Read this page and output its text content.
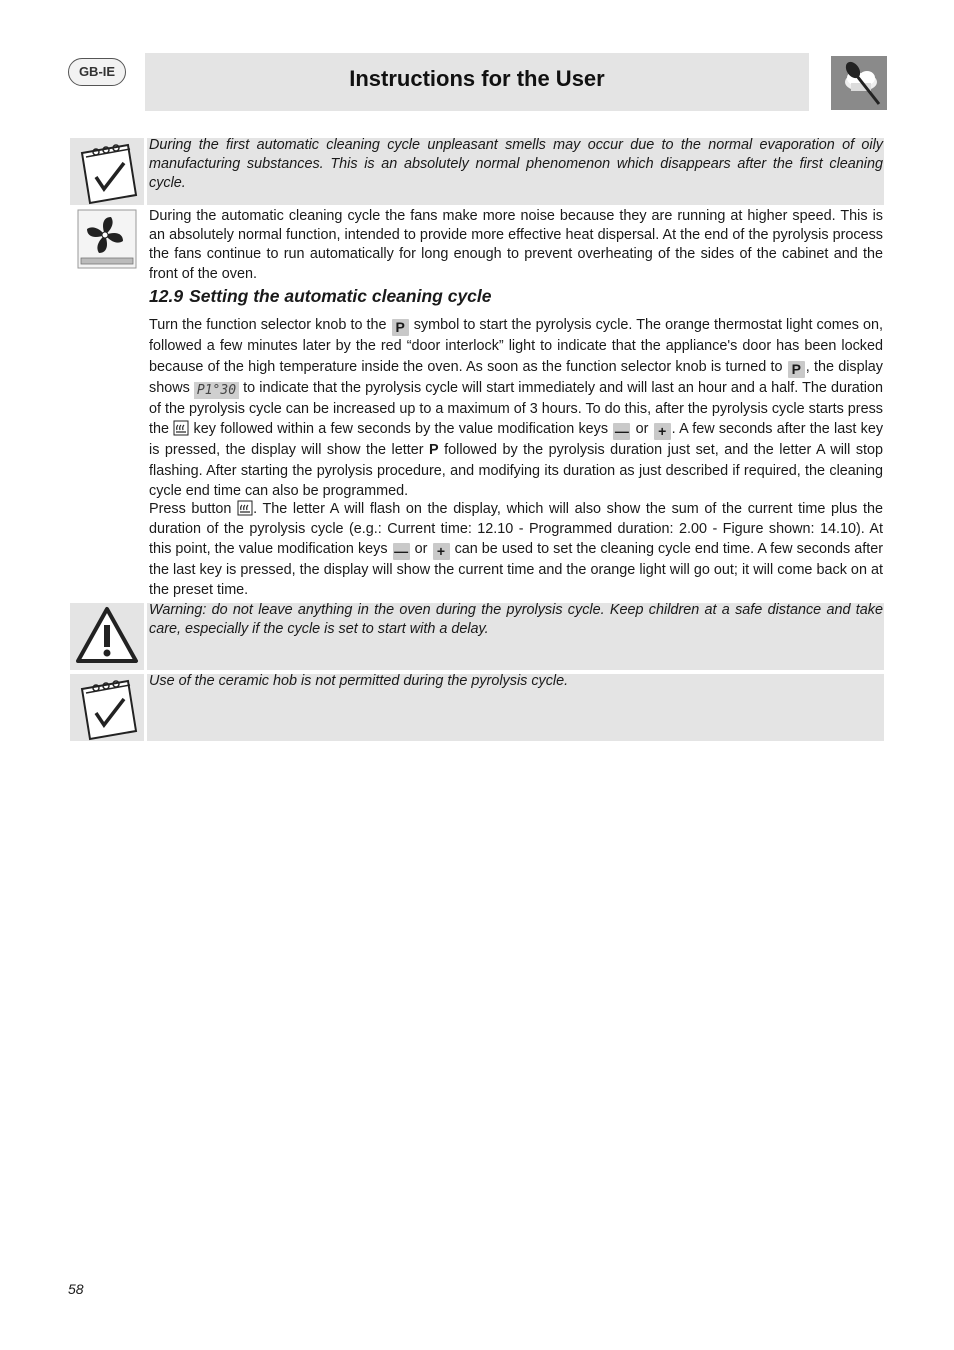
GB-IE	Instructions for the User

During the first automatic cleaning cycle unpleasant smells may occur due to the normal evaporation of oily manufacturing substances. This is an absolutely normal phenomenon which disappears after the first cleaning cycle.

During the automatic cleaning cycle the fans make more noise because they are running at higher speed. This is an absolutely normal function, intended to provide more effective heat dispersal. At the end of the pyrolysis process the fans continue to run automatically for long enough to prevent overheating of the sides of the cabinet and the front of the oven.

12.9 Setting the automatic cleaning cycle

Turn the function selector knob to the P symbol to start the pyrolysis cycle. The orange thermostat light comes on, followed a few minutes later by the red “door interlock” light to indicate that the appliance's door has been locked because of the high temperature inside the oven. As soon as the function selector knob is turned to P , the display shows P1°30 to indicate that the pyrolysis cycle will start immediately and will last an hour and a half. The duration of the pyrolysis cycle can be increased up to a maximum of 3 hours. To do this, after the pyrolysis cycle starts press the key followed within a few seconds by the value modification keys — or + . A few seconds after the last key is pressed, the display will show the letter P followed by the pyrolysis duration just set, and the letter A will stop flashing. After starting the pyrolysis procedure, and modifying its duration as just described if required, the cleaning cycle end time can also be programmed.

Press button . The letter A will flash on the display, which will also show the sum of the current time plus the duration of the pyrolysis cycle (e.g.: Current time: 12.10 - Programmed duration: 2.00 - Figure shown: 14.10). At this point, the value modification keys — or + can be used to set the cleaning cycle end time. A few seconds after the last key is pressed, the display will show the current time and the orange light will go out; it will come back on at the preset time.

Warning: do not leave anything in the oven during the pyrolysis cycle. Keep children at a safe distance and take care, especially if the cycle is set to start with a delay.

Use of the ceramic hob is not permitted during the pyrolysis cycle.

58
